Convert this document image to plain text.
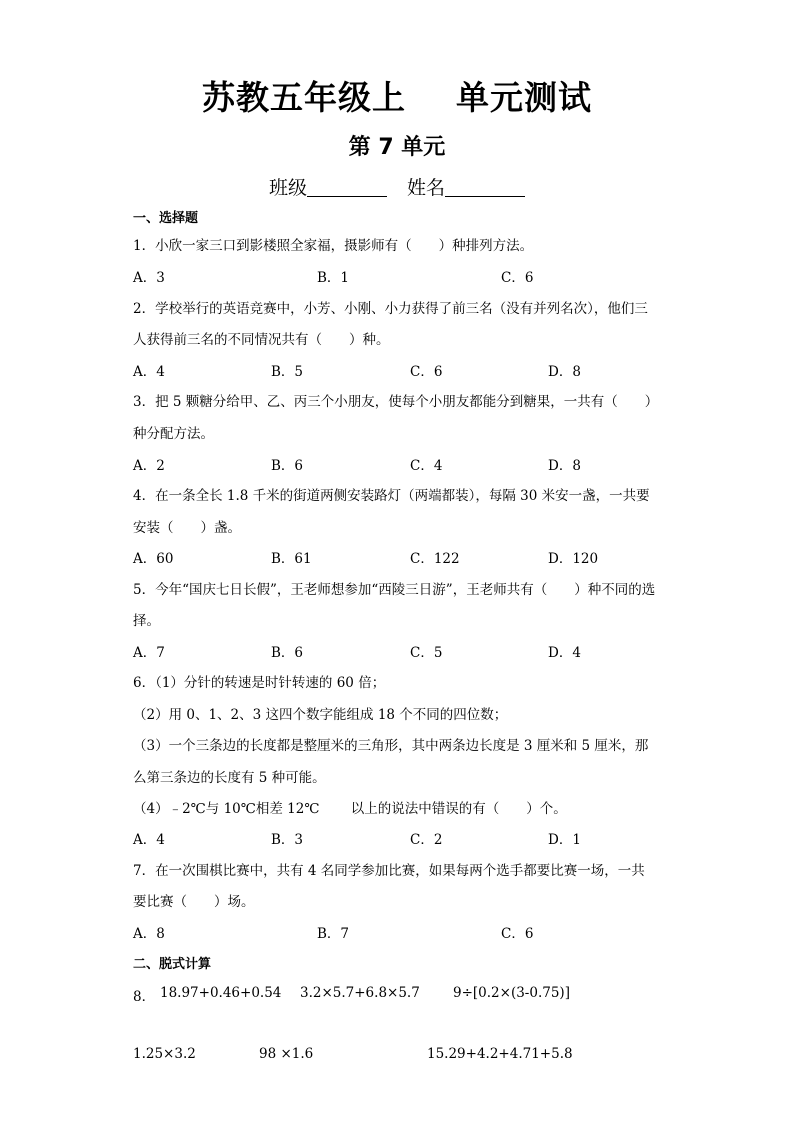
苏教五年级上 单元测试
第 7 单元
班级	姓名
一、选择题
1．小欣一家三口到影楼照全家福，摄影师有（　　）种排列方法。
A．3	B．1	C．6
2．学校举行的英语竞赛中，小芳、小刚、小力获得了前三名（没有并列名次），他们三
人获得前三名的不同情况共有（　　）种。
A．4	B．5	C．6	D．8
3．把 5 颗糖分给甲、乙、丙三个小朋友，使每个小朋友都能分到糖果，一共有（　　）
种分配方法。
A．2	B．6	C．4	D．8
4．在一条全长 1.8 千米的街道两侧安装路灯（两端都装），每隔 30 米安一盏，一共要
安装（　　）盏。
A．60	B．61	C．122	D．120
5．今年“国庆七日长假”，王老师想参加“西陵三日游”，王老师共有（　　）种不同的选
择。
A．7	B．6	C．5	D．4
6．（1）分针的转速是时针转速的 60 倍；
（2）用 0、1、2、3 这四个数字能组成 18 个不同的四位数；
（3）一个三条边的长度都是整厘米的三角形，其中两条边长度是 3 厘米和 5 厘米，那
么第三条边的长度有 5 种可能。
（4）﹣2℃与 10℃相差 12℃　　 以上的说法中错误的有（　　）个。
A．4	B．3	C．2	D．1
7．在一次围棋比赛中，共有 4 名同学参加比赛，如果每两个选手都要比赛一场，一共
要比赛（　　）场。
A．8	B．7	C．6
二、脱式计算
8． 18.97+0.46+0.54 3.2×5.7+6.8×5.7 9÷[0.2×(3-0.75)]
1.25×3.2	98 ×1.6	15.29+4.2+4.71+5.8
